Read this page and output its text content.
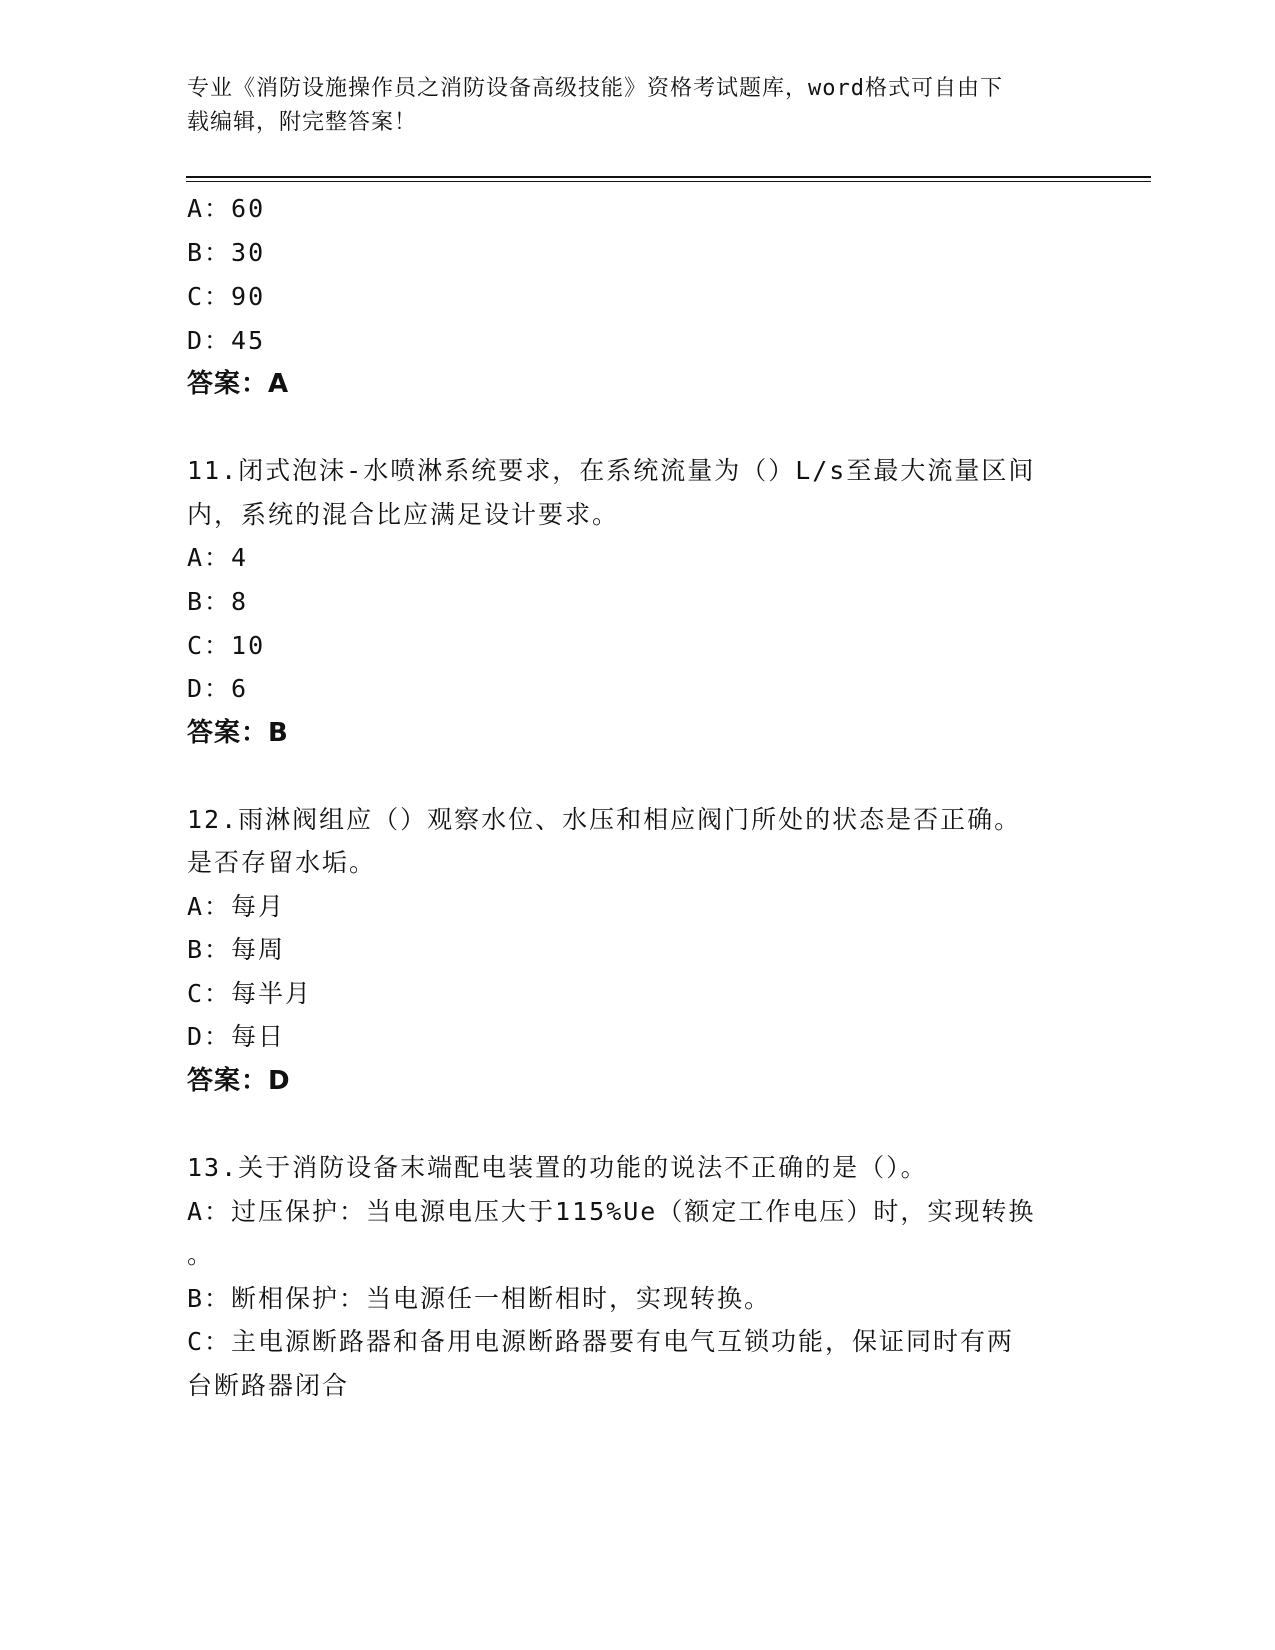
专业《消防设施操作员之消防设备高级技能》资格考试题库，word格式可自由下
载编辑，附完整答案！
A：60
B：30
C：90
D：45
答案：A
11.闭式泡沫-水喷淋系统要求，在系统流量为（）L/s至最大流量区间
内，系统的混合比应满足设计要求。
A：4
B：8
C：10
D：6
答案：B
12.雨淋阀组应（）观察水位、水压和相应阀门所处的状态是否正确。
是否存留水垢。
A：每月
B：每周
C：每半月
D：每日
答案：D
13.关于消防设备末端配电装置的功能的说法不正确的是（）。
A：过压保护：当电源电压大于115%Ue（额定工作电压）时，实现转换
。
B：断相保护：当电源任一相断相时，实现转换。
C：主电源断路器和备用电源断路器要有电气互锁功能，保证同时有两
台断路器闭合
